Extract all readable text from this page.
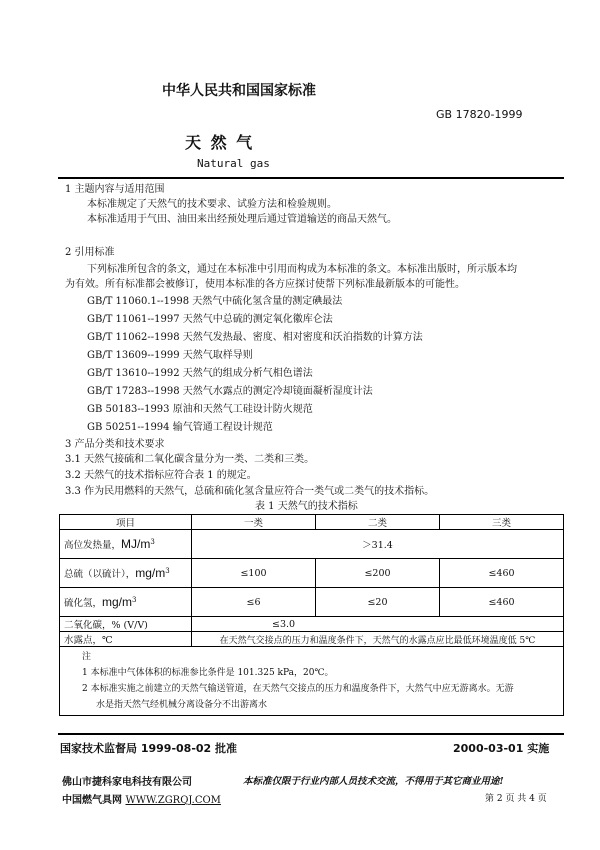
中华人民共和国国家标准
GB 17820-1999
天 然 气
Natural gas
1 主题内容与适用范围
本标准规定了天然气的技术要求、试验方法和检验规则。
本标准适用于气田、油田来出经预处理后通过管道输送的商品天然气。
2 引用标准
下列标准所包含的条文，通过在本标准中引用而构成为本标准的条文。本标准出版时，所示版本均
为有效。所有标准都会被修订，使用本标准的各方应探讨使帮下列标准最新版本的可能性。
GB/T 11060.1--1998 天然气中硫化氢含量的测定碘最法
GB/T 11061--1997 天然气中总硫的测定氧化徽库仑法
GB/T 11062--1998 天然气发热最、密度、相对密度和沃泊指数的计算方法
GB/T 13609--1999 天然气取样导则
GB/T 13610--1992 天然气的组成分析气相色谱法
GB/T 17283--1998 天然气水露点的测定冷却镜面凝析湿度计法
GB 50183--1993 原油和天然气工硅设计防火规范
GB 50251--1994 输气管通工程设计规范
3 产品分类和技术要求
3.1 天然气接硫和二氧化碳含量分为一类、二类和三类。
3.2 天然气的技术指标应符合表 1 的规定。
3.3 作为民用燃料的天然气，总硫和硫化氢含量应符合一类气或二类气的技术指标。
表 1 天然气的技术指标
项目	一类	二类	三类
高位发热量，$MJ/m^3$	＞31.4		
总硫（以硫计），$mg/m^3$	≤100	≤200	≤460
硫化氢，$mg/m^3$	≤6	≤20	≤460
二氧化碳，% (V/V)	≤3.0		
水露点，℃	在天然气交接点的压力和温度条件下，天然气的水露点应比最低环境温度低 5℃		

注
1 本标准中气体体积的标准参比条件是 101.325 kPa，20℃。
2 本标准实施之前建立的天然气输送管道，在天然气交接点的压力和温度条件下，大然气中应无游离水。无游
水是指天然气经机械分离设备分不出游离水			
国家技术监督局 1999-08-02 批准	2000-03-01 实施
佛山市捷科家电科技有限公司	本标准仅限于行业内部人员技术交流，不得用于其它商业用途!
中国燃气具网 WWW.ZGRQJ.COM	第 2 页 共 4 页
